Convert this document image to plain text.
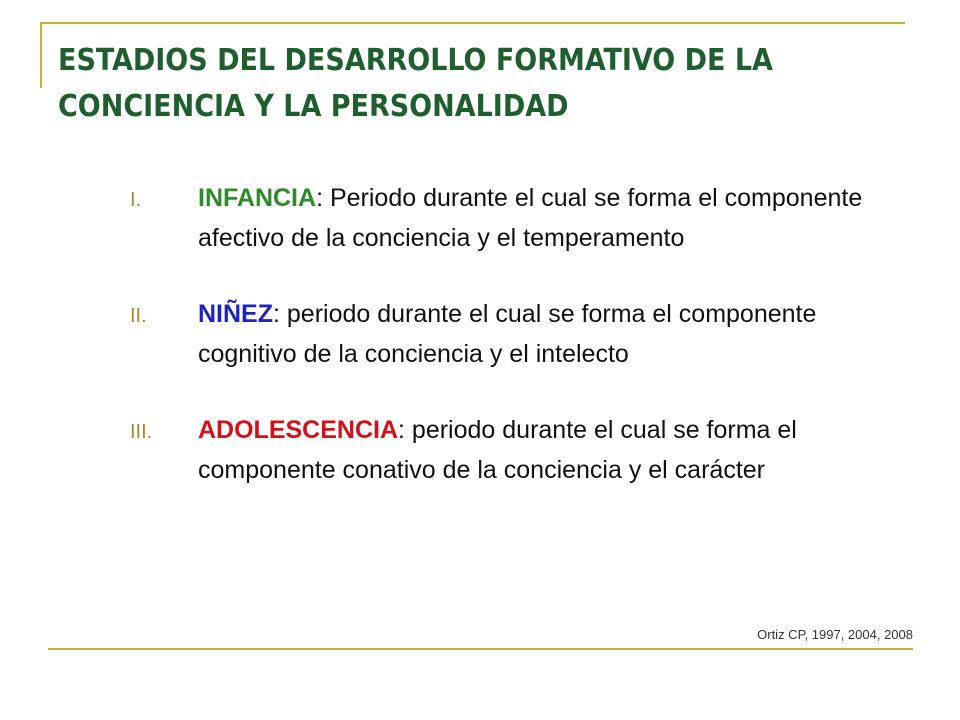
ESTADIOS DEL DESARROLLO FORMATIVO DE LA
CONCIENCIA Y LA PERSONALIDAD
I. INFANCIA: Periodo durante el cual se forma el componente afectivo de la conciencia y el temperamento
II. NIÑEZ: periodo durante el cual se forma el componente cognitivo de la conciencia y el intelecto
III. ADOLESCENCIA: periodo durante el cual se forma el componente conativo de la conciencia y el carácter
Ortiz CP, 1997, 2004, 2008
